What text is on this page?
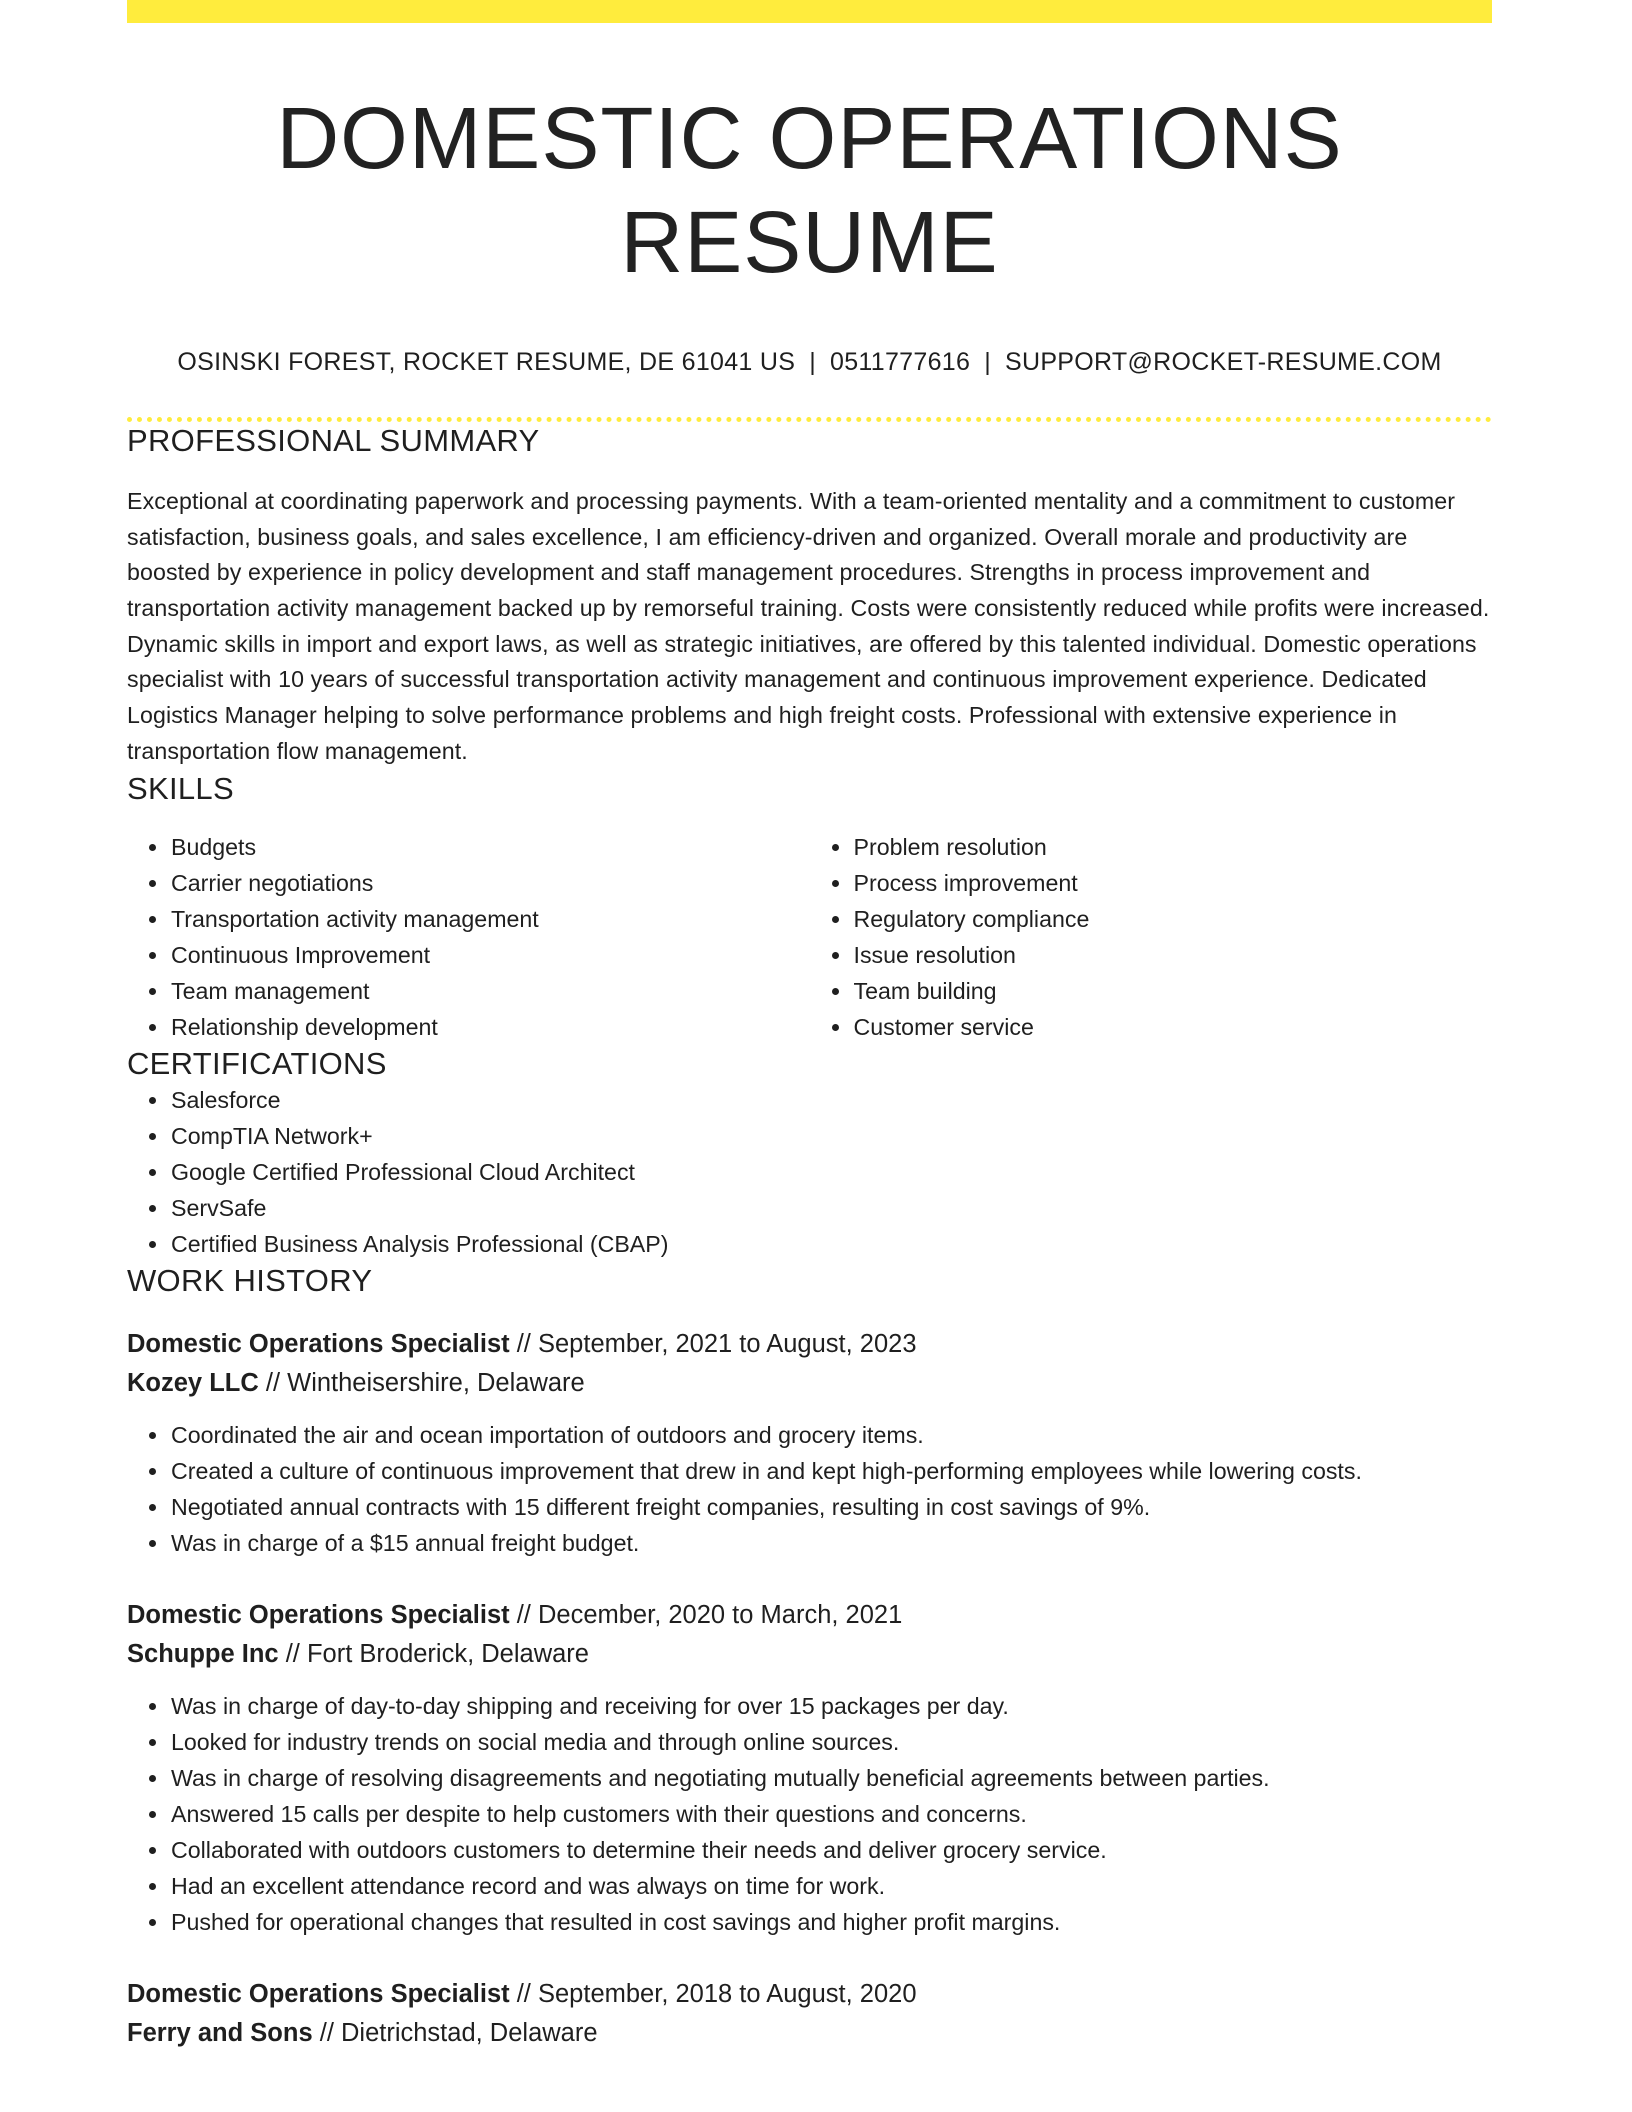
DOMESTIC OPERATIONS RESUME
OSINSKI FOREST, ROCKET RESUME, DE 61041 US | 0511777616 | SUPPORT@ROCKET-RESUME.COM
PROFESSIONAL SUMMARY
Exceptional at coordinating paperwork and processing payments. With a team-oriented mentality and a commitment to customer satisfaction, business goals, and sales excellence, I am efficiency-driven and organized. Overall morale and productivity are boosted by experience in policy development and staff management procedures. Strengths in process improvement and transportation activity management backed up by remorseful training. Costs were consistently reduced while profits were increased. Dynamic skills in import and export laws, as well as strategic initiatives, are offered by this talented individual. Domestic operations specialist with 10 years of successful transportation activity management and continuous improvement experience. Dedicated Logistics Manager helping to solve performance problems and high freight costs. Professional with extensive experience in transportation flow management.
SKILLS
• Budgets
• Carrier negotiations
• Transportation activity management
• Continuous Improvement
• Team management
• Relationship development
• Problem resolution
• Process improvement
• Regulatory compliance
• Issue resolution
• Team building
• Customer service
CERTIFICATIONS
• Salesforce
• CompTIA Network+
• Google Certified Professional Cloud Architect
• ServSafe
• Certified Business Analysis Professional (CBAP)
WORK HISTORY
Domestic Operations Specialist // September, 2021 to August, 2023
Kozey LLC // Wintheisershire, Delaware
• Coordinated the air and ocean importation of outdoors and grocery items.
• Created a culture of continuous improvement that drew in and kept high-performing employees while lowering costs.
• Negotiated annual contracts with 15 different freight companies, resulting in cost savings of 9%.
• Was in charge of a $15 annual freight budget.
Domestic Operations Specialist // December, 2020 to March, 2021
Schuppe Inc // Fort Broderick, Delaware
• Was in charge of day-to-day shipping and receiving for over 15 packages per day.
• Looked for industry trends on social media and through online sources.
• Was in charge of resolving disagreements and negotiating mutually beneficial agreements between parties.
• Answered 15 calls per despite to help customers with their questions and concerns.
• Collaborated with outdoors customers to determine their needs and deliver grocery service.
• Had an excellent attendance record and was always on time for work.
• Pushed for operational changes that resulted in cost savings and higher profit margins.
Domestic Operations Specialist // September, 2018 to August, 2020
Ferry and Sons // Dietrichstad, Delaware
